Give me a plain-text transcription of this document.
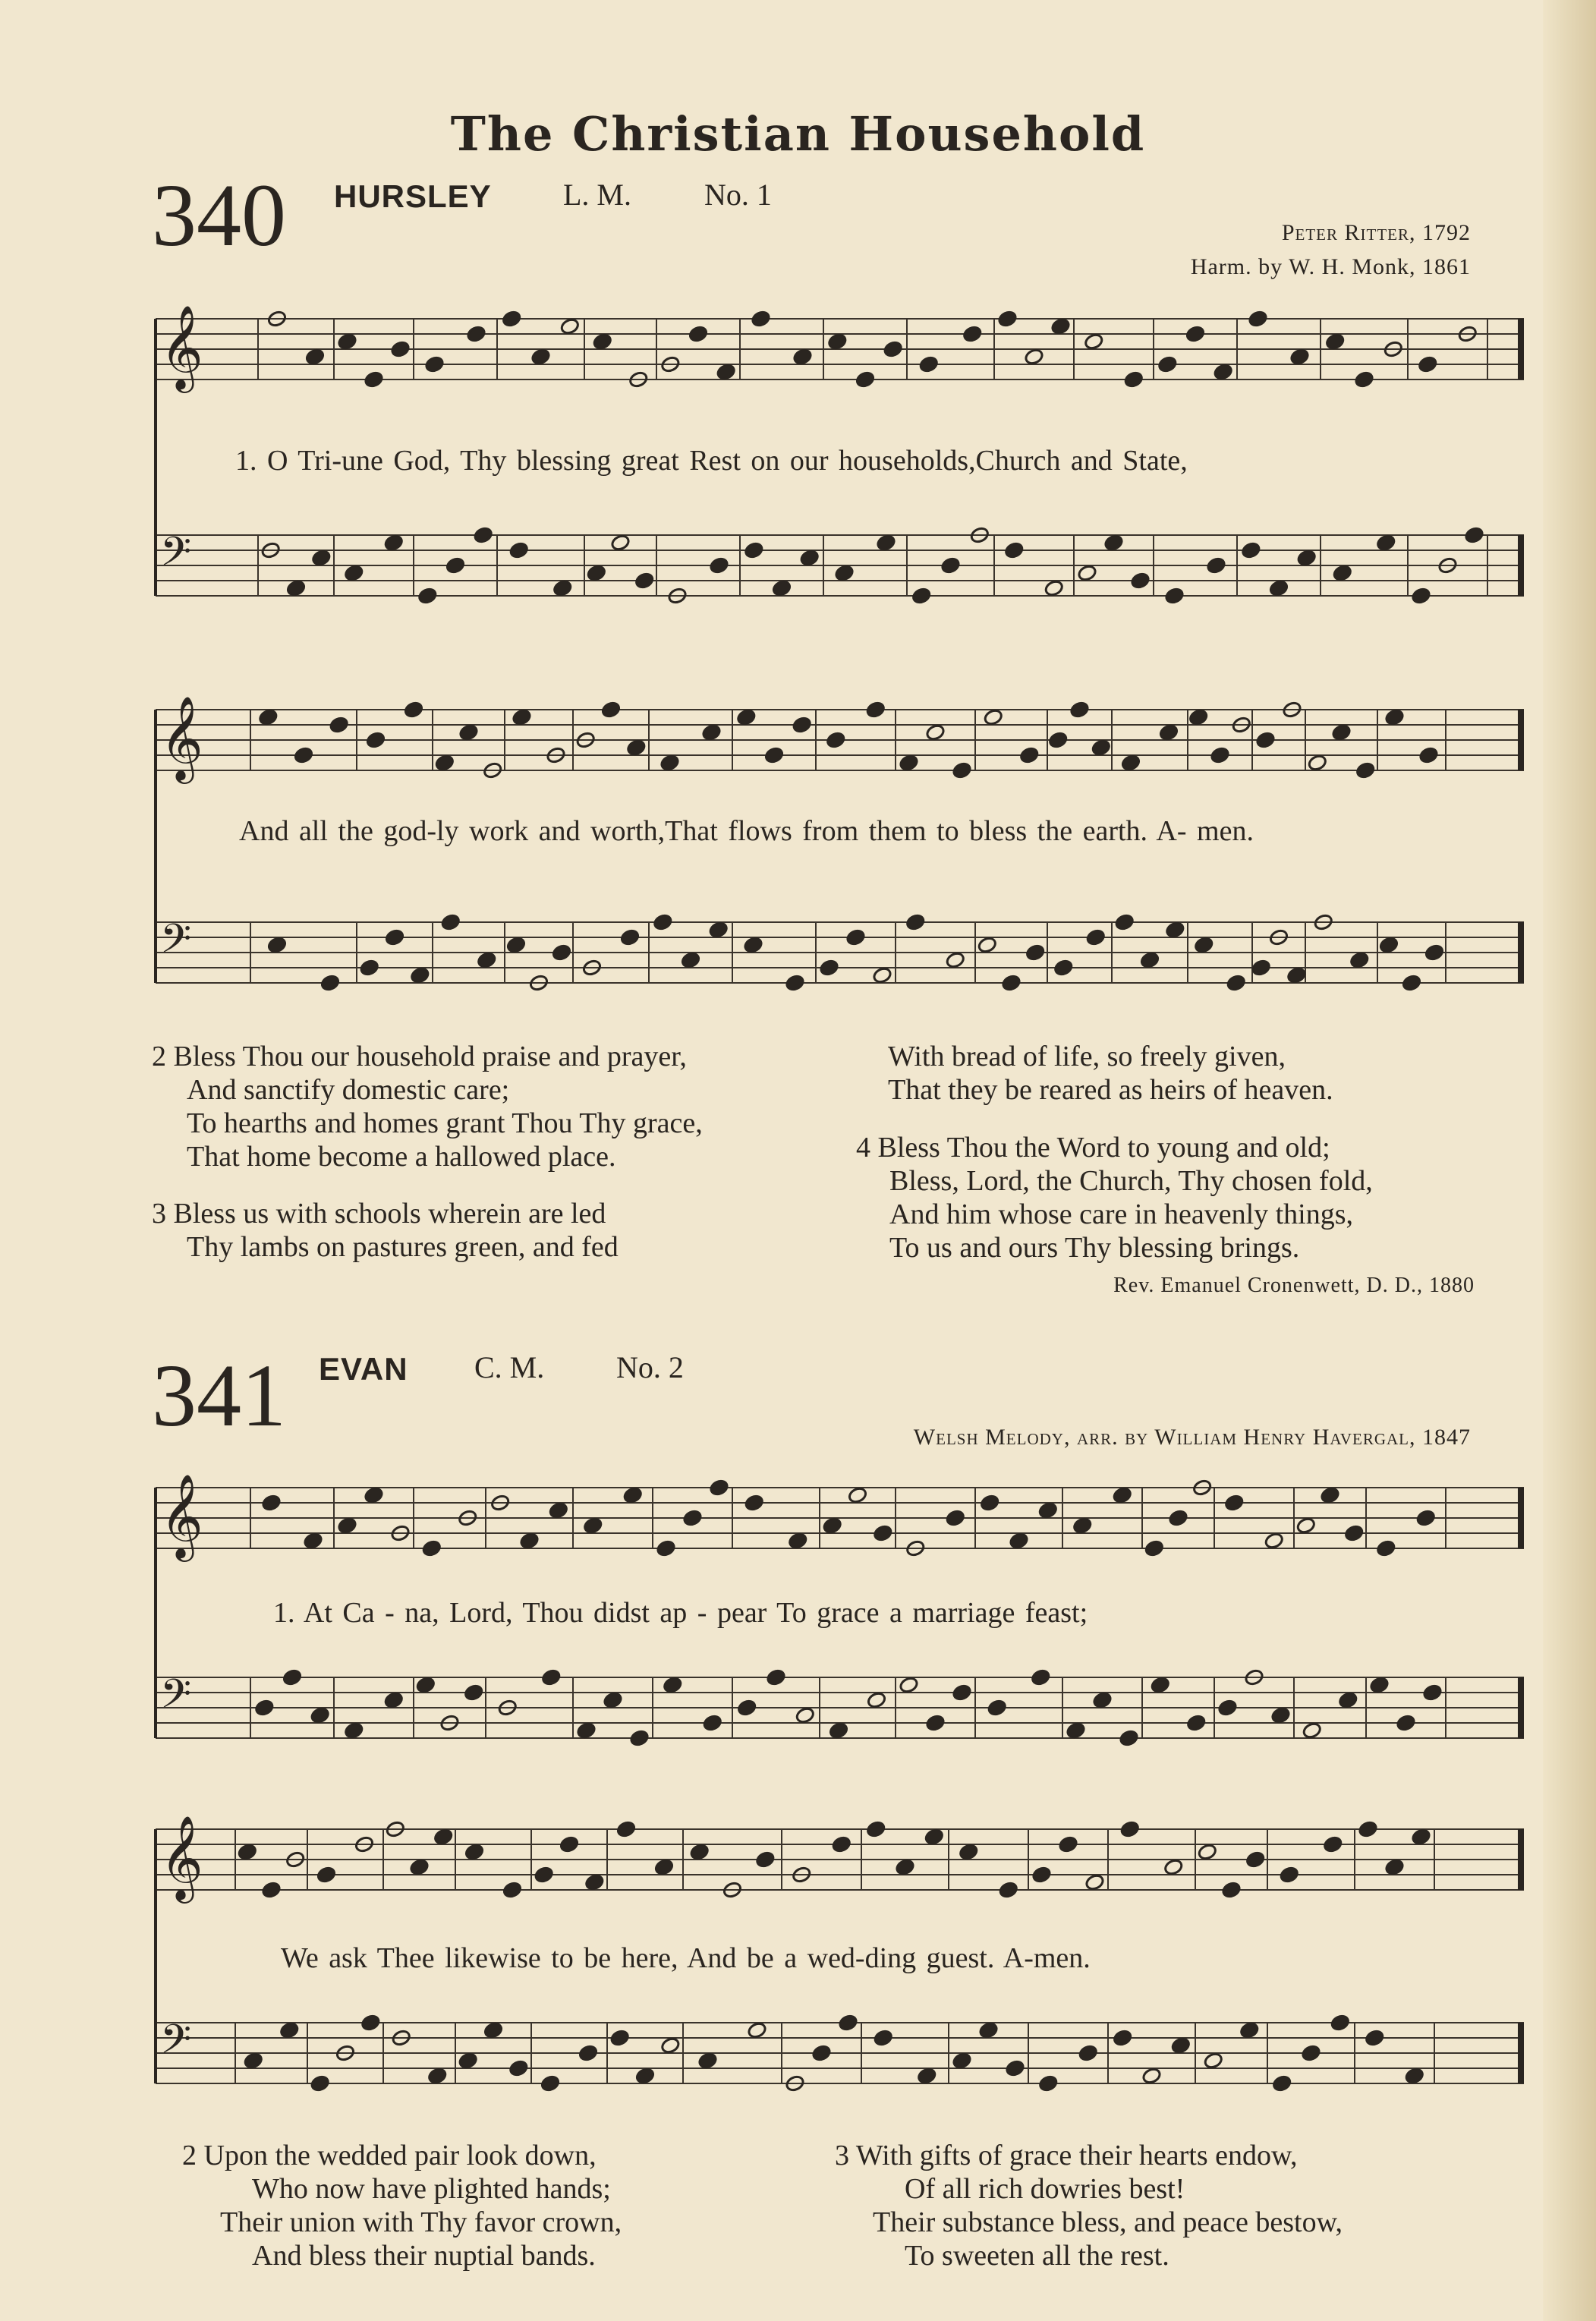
𝄞
𝄢
𝄞
𝄢
𝄞
𝄢
𝄞
𝄢
The Christian Household
340 HURSLEY L. M. No. 1
Peter Ritter, 1792
Harm. by W. H. Monk, 1861
1. O Tri-une God, Thy blessing great Rest on our households,Church and State,
And all the god-ly work and worth,That flows from them to bless the earth. A- men.
2 Bless Thou our household praise and prayer,
And sanctify domestic care;
To hearths and homes grant Thou Thy grace,
That home become a hallowed place.
3 Bless us with schools wherein are led
Thy lambs on pastures green, and fed
With bread of life, so freely given,
That they be reared as heirs of heaven.
4 Bless Thou the Word to young and old;
Bless, Lord, the Church, Thy chosen fold,
And him whose care in heavenly things,
To us and ours Thy blessing brings.
Rev. Emanuel Cronenwett, D. D., 1880
341 EVAN C. M. No. 2
Welsh Melody, arr. by William Henry Havergal, 1847
1. At Ca - na, Lord, Thou didst ap - pear To grace a marriage feast;
We ask Thee likewise to be here, And be a wed-ding guest. A-men.
2 Upon the wedded pair look down,
Who now have plighted hands;
Their union with Thy favor crown,
And bless their nuptial bands.
3 With gifts of grace their hearts endow,
Of all rich dowries best!
Their substance bless, and peace bestow,
To sweeten all the rest.
